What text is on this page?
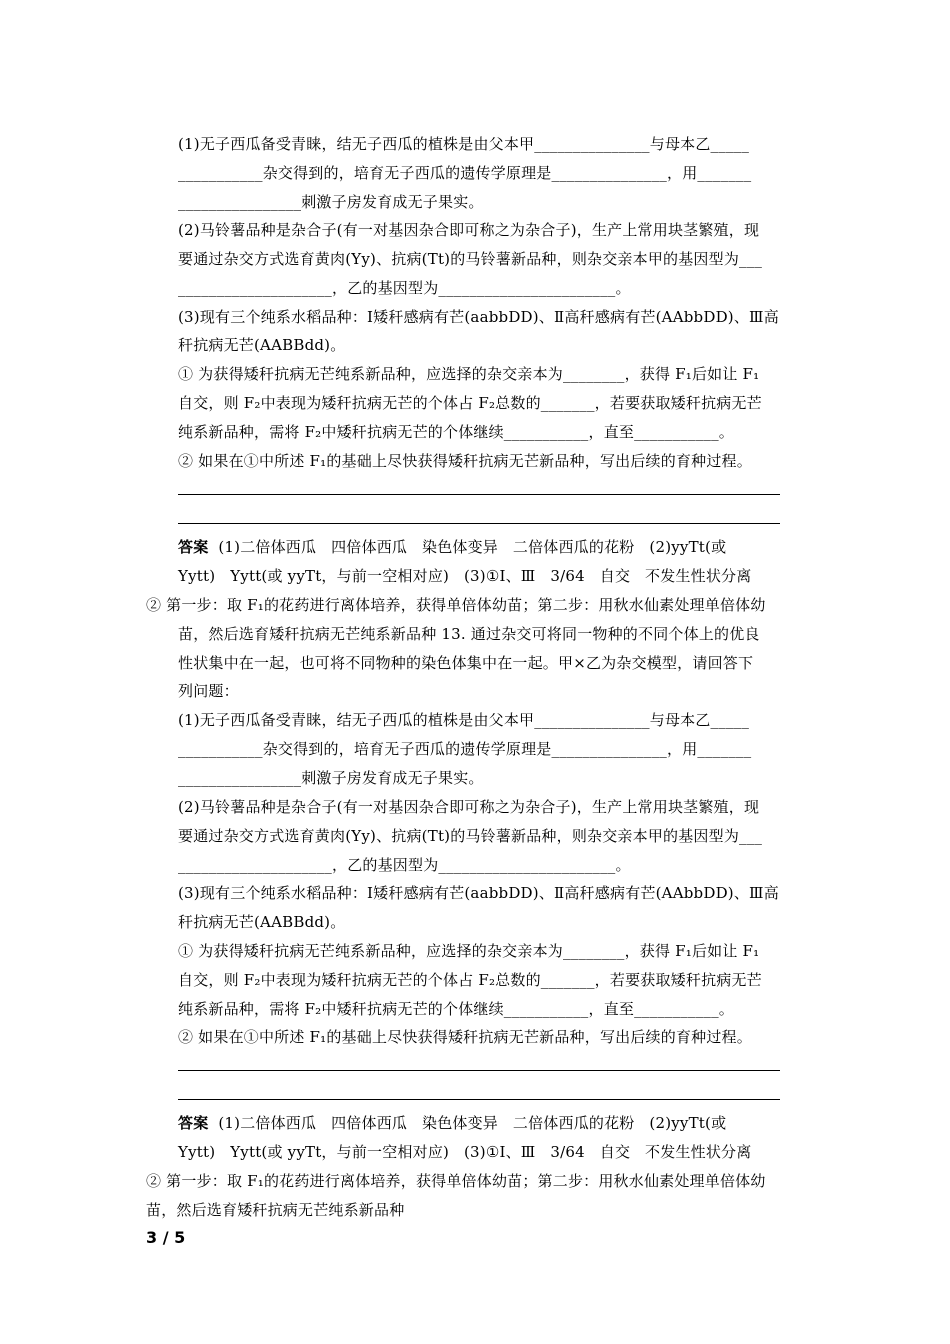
(1)无子西瓜备受青睐，结无子西瓜的植株是由父本甲_______________与母本乙_____
___________杂交得到的，培育无子西瓜的遗传学原理是_______________，用_______
________________刺激子房发育成无子果实。
(2)马铃薯品种是杂合子(有一对基因杂合即可称之为杂合子)，生产上常用块茎繁殖，现
要通过杂交方式选育黄肉(Yy)、抗病(Tt)的马铃薯新品种，则杂交亲本甲的基因型为___
____________________，乙的基因型为_______________________。
(3)现有三个纯系水稻品种：Ⅰ矮秆感病有芒(aabbDD)、Ⅱ高秆感病有芒(AAbbDD)、Ⅲ高
秆抗病无芒(AABBdd)。
① 为获得矮秆抗病无芒纯系新品种，应选择的杂交亲本为________，获得 F₁后如让 F₁
自交，则 F₂中表现为矮秆抗病无芒的个体占 F₂总数的_______，若要获取矮秆抗病无芒
纯系新品种，需将 F₂中矮秆抗病无芒的个体继续___________，直至___________。
② 如果在①中所述 F₁的基础上尽快获得矮秆抗病无芒新品种，写出后续的育种过程。
答案  (1)二倍体西瓜   四倍体西瓜   染色体变异   二倍体西瓜的花粉   (2)yyTt(或
Yytt)   Yytt(或 yyTt，与前一空相对应)   (3)①Ⅰ、Ⅲ   3/64   自交   不发生性状分离
② 第一步：取 F₁的花药进行离体培养，获得单倍体幼苗；第二步：用秋水仙素处理单倍体幼
苗，然后选育矮秆抗病无芒纯系新品种 13. 通过杂交可将同一物种的不同个体上的优良
性状集中在一起，也可将不同物种的染色体集中在一起。甲×乙为杂交模型，请回答下
列问题：
(1)无子西瓜备受青睐，结无子西瓜的植株是由父本甲_______________与母本乙_____
___________杂交得到的，培育无子西瓜的遗传学原理是_______________，用_______
________________刺激子房发育成无子果实。
(2)马铃薯品种是杂合子(有一对基因杂合即可称之为杂合子)，生产上常用块茎繁殖，现
要通过杂交方式选育黄肉(Yy)、抗病(Tt)的马铃薯新品种，则杂交亲本甲的基因型为___
____________________，乙的基因型为_______________________。
(3)现有三个纯系水稻品种：Ⅰ矮秆感病有芒(aabbDD)、Ⅱ高秆感病有芒(AAbbDD)、Ⅲ高
秆抗病无芒(AABBdd)。
① 为获得矮秆抗病无芒纯系新品种，应选择的杂交亲本为________，获得 F₁后如让 F₁
自交，则 F₂中表现为矮秆抗病无芒的个体占 F₂总数的_______，若要获取矮秆抗病无芒
纯系新品种，需将 F₂中矮秆抗病无芒的个体继续___________，直至___________。
② 如果在①中所述 F₁的基础上尽快获得矮秆抗病无芒新品种，写出后续的育种过程。
答案  (1)二倍体西瓜   四倍体西瓜   染色体变异   二倍体西瓜的花粉   (2)yyTt(或
Yytt)   Yytt(或 yyTt，与前一空相对应)   (3)①Ⅰ、Ⅲ   3/64   自交   不发生性状分离
② 第一步：取 F₁的花药进行离体培养，获得单倍体幼苗；第二步：用秋水仙素处理单倍体幼
苗，然后选育矮秆抗病无芒纯系新品种
3 / 5
